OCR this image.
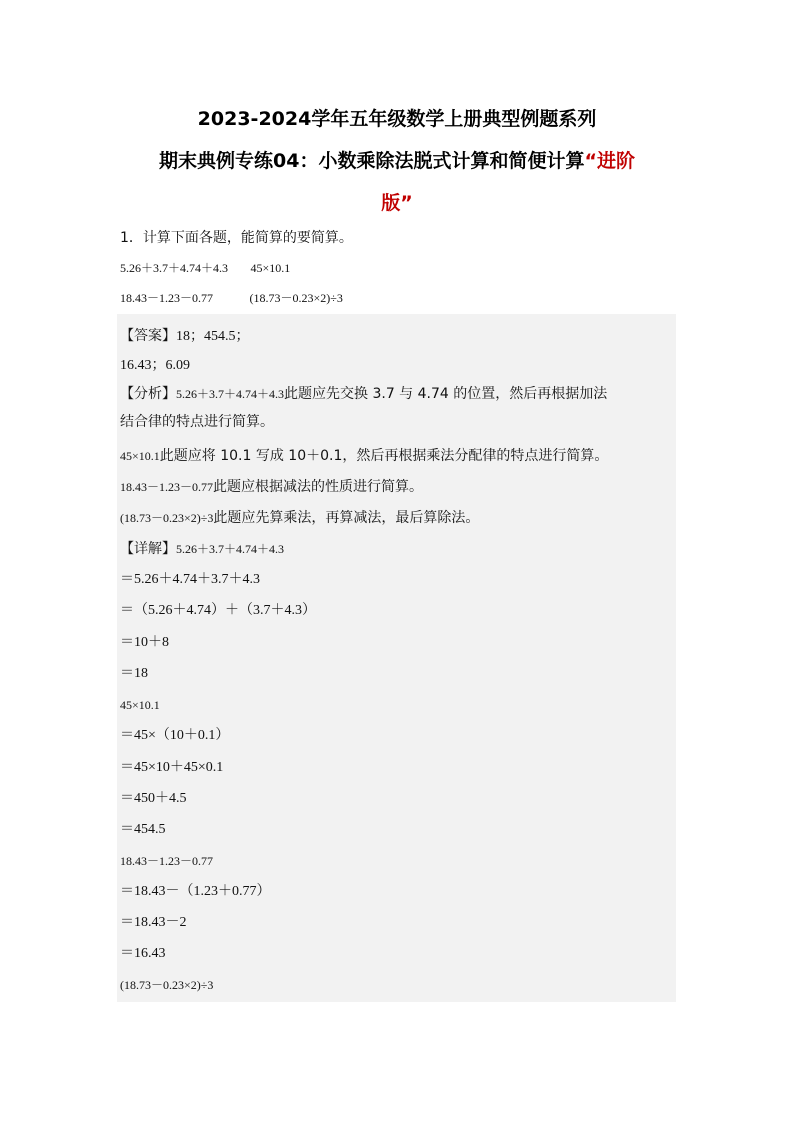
2023-2024学年五年级数学上册典型例题系列
期末典例专练04：小数乘除法脱式计算和简便计算“进阶
版”
1．计算下面各题，能简算的要简算。
5.26＋3.7＋4.74＋4.3 45×10.1
18.43－1.23－0.77	(18.73－0.23×2)÷3
【答案】18；454.5；
16.43；6.09
【分析】5.26＋3.7＋4.74＋4.3此题应先交换 3.7 与 4.74 的位置，然后再根据加法
结合律的特点进行简算。
45×10.1此题应将 10.1 写成 10＋0.1，然后再根据乘法分配律的特点进行简算。
18.43－1.23－0.77此题应根据减法的性质进行简算。
(18.73－0.23×2)÷3此题应先算乘法，再算减法，最后算除法。
【详解】5.26＋3.7＋4.74＋4.3
＝5.26＋4.74＋3.7＋4.3
＝（5.26＋4.74）＋（3.7＋4.3）
＝10＋8
＝18
45×10.1
＝45×（10＋0.1）
＝45×10＋45×0.1
＝450＋4.5
＝454.5
18.43－1.23－0.77
＝18.43－（1.23＋0.77）
＝18.43－2
＝16.43
(18.73－0.23×2)÷3
